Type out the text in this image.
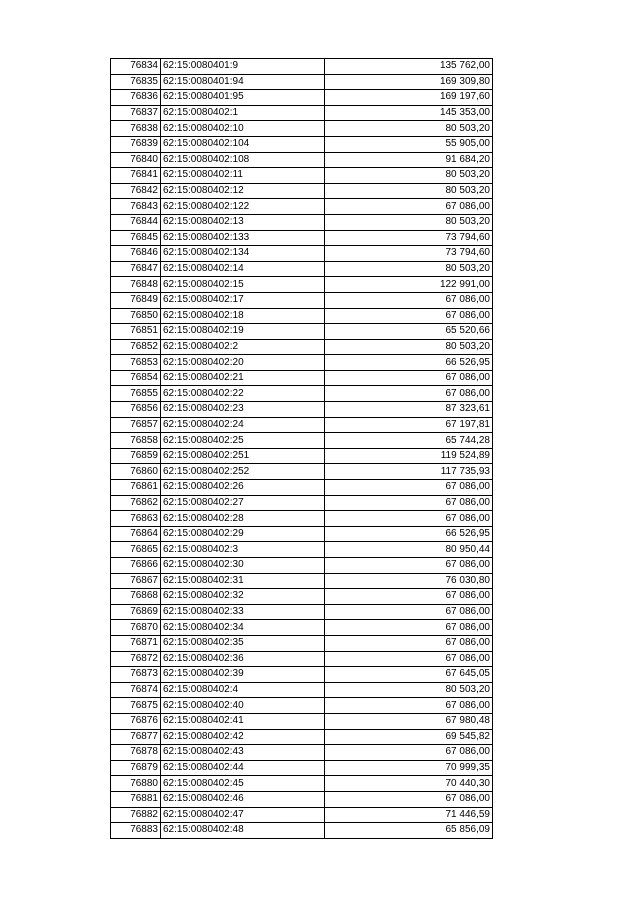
76834	62:15:0080401:9	135 762,00
76835	62:15:0080401:94	169 309,80
76836	62:15:0080401:95	169 197,60
76837	62:15:0080402:1	145 353,00
76838	62:15:0080402:10	80 503,20
76839	62:15:0080402:104	55 905,00
76840	62:15:0080402:108	91 684,20
76841	62:15:0080402:11	80 503,20
76842	62:15:0080402:12	80 503,20
76843	62:15:0080402:122	67 086,00
76844	62:15:0080402:13	80 503,20
76845	62:15:0080402:133	73 794,60
76846	62:15:0080402:134	73 794,60
76847	62:15:0080402:14	80 503,20
76848	62:15:0080402:15	122 991,00
76849	62:15:0080402:17	67 086,00
76850	62:15:0080402:18	67 086,00
76851	62:15:0080402:19	65 520,66
76852	62:15:0080402:2	80 503,20
76853	62:15:0080402:20	66 526,95
76854	62:15:0080402:21	67 086,00
76855	62:15:0080402:22	67 086,00
76856	62:15:0080402:23	87 323,61
76857	62:15:0080402:24	67 197,81
76858	62:15:0080402:25	65 744,28
76859	62:15:0080402:251	119 524,89
76860	62:15:0080402:252	117 735,93
76861	62:15:0080402:26	67 086,00
76862	62:15:0080402:27	67 086,00
76863	62:15:0080402:28	67 086,00
76864	62:15:0080402:29	66 526,95
76865	62:15:0080402:3	80 950,44
76866	62:15:0080402:30	67 086,00
76867	62:15:0080402:31	76 030,80
76868	62:15:0080402:32	67 086,00
76869	62:15:0080402:33	67 086,00
76870	62:15:0080402:34	67 086,00
76871	62:15:0080402:35	67 086,00
76872	62:15:0080402:36	67 086,00
76873	62:15:0080402:39	67 645,05
76874	62:15:0080402:4	80 503,20
76875	62:15:0080402:40	67 086,00
76876	62:15:0080402:41	67 980,48
76877	62:15:0080402:42	69 545,82
76878	62:15:0080402:43	67 086,00
76879	62:15:0080402:44	70 999,35
76880	62:15:0080402:45	70 440,30
76881	62:15:0080402:46	67 086,00
76882	62:15:0080402:47	71 446,59
76883	62:15:0080402:48	65 856,09
